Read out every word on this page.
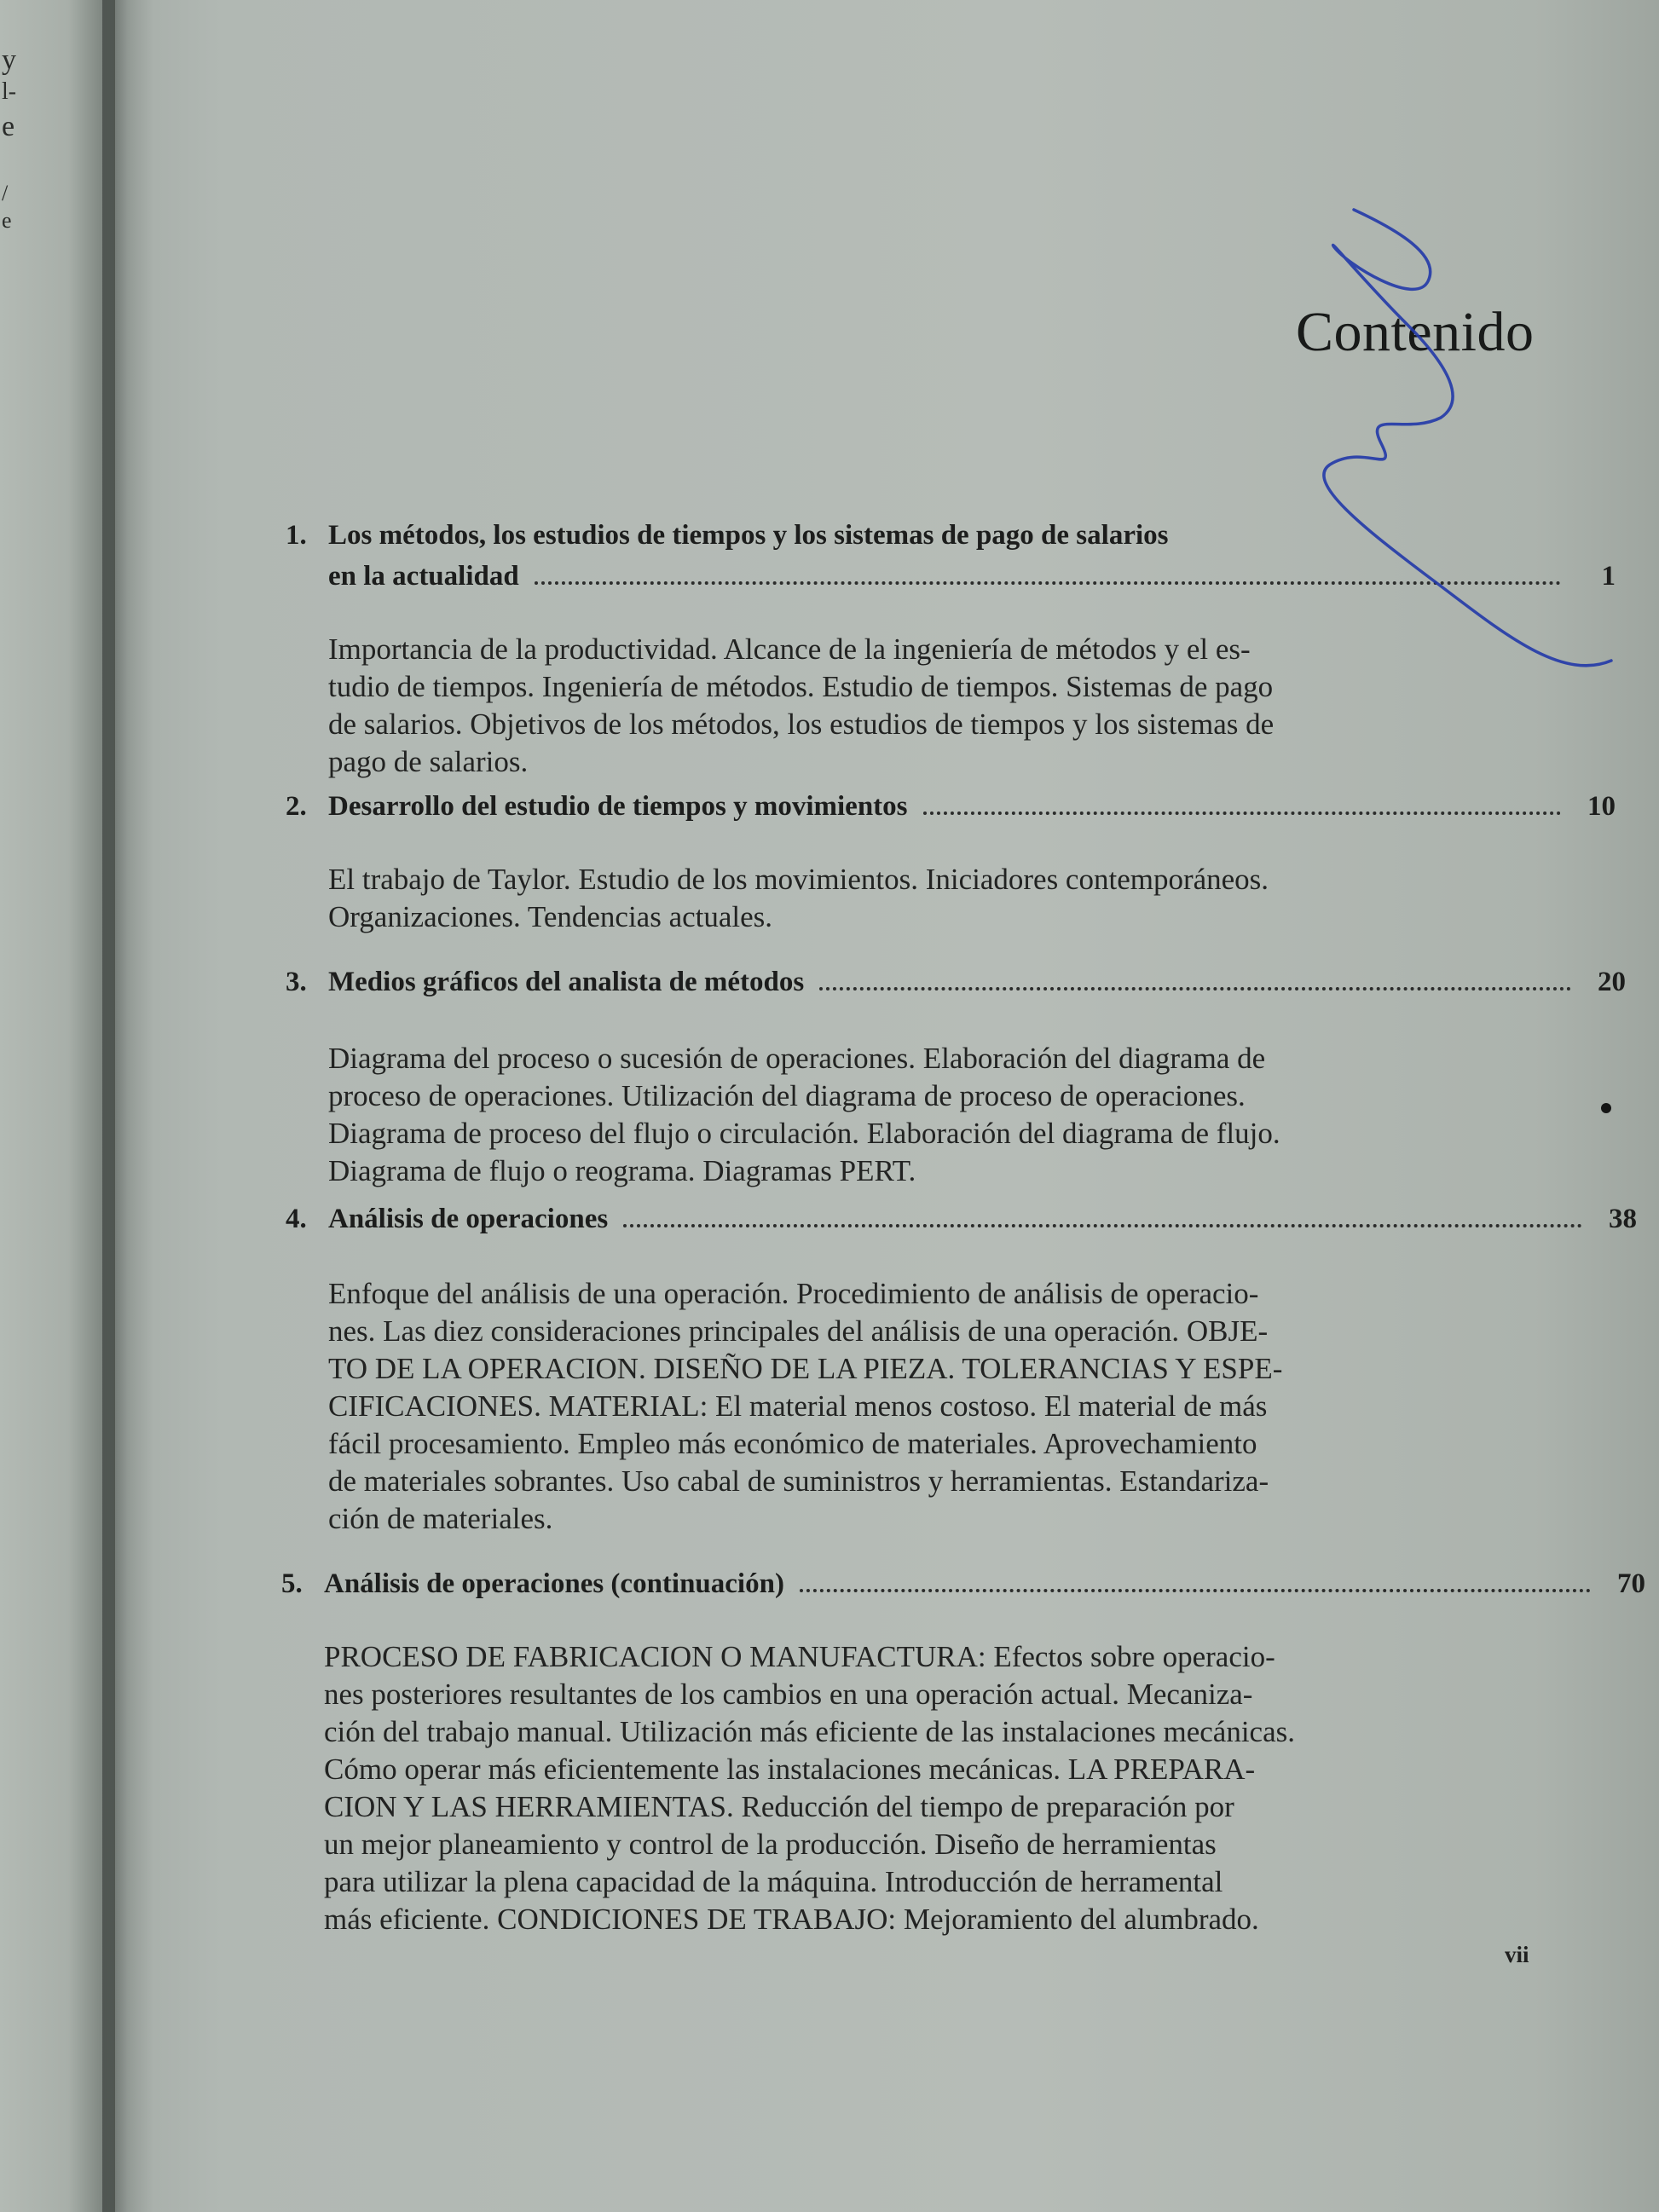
y
l-
e
/
e
Contenido
1. Los métodos, los estudios de tiempos y los sistemas de pago de salarios
en la actualidad	1
Importancia de la productividad. Alcance de la ingeniería de métodos y el es-
tudio de tiempos. Ingeniería de métodos. Estudio de tiempos. Sistemas de pago
de salarios. Objetivos de los métodos, los estudios de tiempos y los sistemas de
pago de salarios.
2. Desarrollo del estudio de tiempos y movimientos	10
El trabajo de Taylor. Estudio de los movimientos. Iniciadores contemporáneos.
Organizaciones. Tendencias actuales.
3. Medios gráficos del analista de métodos	20
Diagrama del proceso o sucesión de operaciones. Elaboración del diagrama de
proceso de operaciones. Utilización del diagrama de proceso de operaciones.
Diagrama de proceso del flujo o circulación. Elaboración del diagrama de flujo.
Diagrama de flujo o reograma. Diagramas PERT.
4. Análisis de operaciones	38
Enfoque del análisis de una operación. Procedimiento de análisis de operacio-
nes. Las diez consideraciones principales del análisis de una operación. OBJE-
TO DE LA OPERACION. DISEÑO DE LA PIEZA. TOLERANCIAS Y ESPE-
CIFICACIONES. MATERIAL: El material menos costoso. El material de más
fácil procesamiento. Empleo más económico de materiales. Aprovechamiento
de materiales sobrantes. Uso cabal de suministros y herramientas. Estandariza-
ción de materiales.
5. Análisis de operaciones (continuación)	70
PROCESO DE FABRICACION O MANUFACTURA: Efectos sobre operacio-
nes posteriores resultantes de los cambios en una operación actual. Mecaniza-
ción del trabajo manual. Utilización más eficiente de las instalaciones mecánicas.
Cómo operar más eficientemente las instalaciones mecánicas. LA PREPARA-
CION Y LAS HERRAMIENTAS. Reducción del tiempo de preparación por
un mejor planeamiento y control de la producción. Diseño de herramientas
para utilizar la plena capacidad de la máquina. Introducción de herramental
más eficiente. CONDICIONES DE TRABAJO: Mejoramiento del alumbrado.
vii
